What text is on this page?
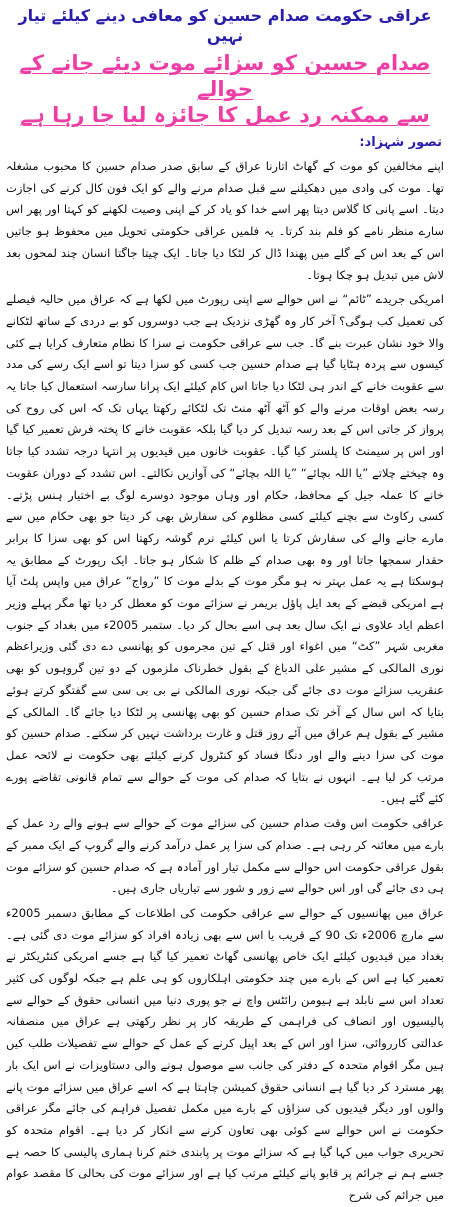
عراقی حکومت صدام حسین کو معافی دینے کیلئے تیار نہیں
صدام حسین کو سزائے موت دیئے جانے کے حوالے
سے ممکنہ رد عمل کا جائزہ لیا جا رہا ہے
تصور شہزاد:

اپنے مخالفین کو موت کے گھاٹ اتارنا عراق کے سابق صدر صدام حسین کا محبوب مشغلہ تھا۔ موت کی وادی میں دھکیلنے سے قبل صدام مرنے والے کو ایک فون کال کرنے کی اجازت دیتا۔ اسے پانی کا گلاس دیتا پھر اسے خدا کو یاد کر کے اپنی وصیت لکھنے کو کہتا اور پھر اس سارے منظر نامے کو فلم بند کرتا۔ یہ فلمیں عراقی حکومتی تحویل میں محفوظ ہو جاتیں اس کے بعد اس کے گلے میں پھندا ڈال کر لٹکا دیا جاتا۔ ایک چیتا جاگتا انسان چند لمحوں بعد لاش میں تبدیل ہو چکا ہوتا۔

امریکی جریدے ”ٹائم“ نے اس حوالے سے اپنی رپورٹ میں لکھا ہے کہ عراق میں حالیہ فیصلے کی تعمیل کب ہوگی؟ آخر کار وہ گھڑی نزدیک ہے جب دوسروں کو بے دردی کے ساتھ لٹکانے والا خود نشان عبرت بنے گا۔ جب سے عراقی حکومت نے سزا کا نظام متعارف کرایا ہے کئی کیسوں سے پردہ ہٹایا گیا ہے صدام حسین جب کسی کو سزا دیتا تو اسے ایک رسے کی مدد سے عقوبت خانے کے اندر ہی لٹکا دیا جاتا اس کام کیلئے ایک پرانا سارسہ استعمال کیا جاتا یہ رسہ بعض اوقات مرنے والے کو آٹھ آٹھ منٹ تک لٹکائے رکھتا یہاں تک کہ اس کی روح کی پرواز کر جاتی اس کے بعد رسہ تبدیل کر دیا گیا بلکہ عقوبت خانے کا پختہ فرش تعمیر کیا گیا اور اس پر سیمنٹ کا پلستر کیا گیا۔ عقوبت خانوں میں قیدیوں پر انتہا درجہ تشدد کیا جاتا وہ چیختے چلاتے ”یا اللہ بچائے“ ”یا اللہ بچائے“ کی آوازیں نکالتے۔ اس تشدد کے دوران عقوبت خانے کا عملہ جیل کے محافظ، حکام اور وہاں موجود دوسرے لوگ بے اختیار ہنس پڑتے۔ کسی رکاوٹ سے بچنے کیلئے کسی مظلوم کی سفارش بھی کر دیتا جو بھی حکام میں سے مارے جانے والے کی سفارش کرتا یا اس کیلئے نرم گوشہ رکھتا اس کو بھی سزا کا برابر حقدار سمجھا جاتا اور وہ بھی صدام کے ظلم کا شکار ہو جاتا۔ ایک رپورٹ کے مطابق یہ ہوسکتا ہے یہ عمل بہتر نہ ہو مگر موت کے بدلے موت کا ”رواج“ عراق میں واپس پلٹ آیا ہے امریکی قبضے کے بعد ایل پاؤل بریمر نے سزائے موت کو معطل کر دیا تھا مگر پہلے وزیر اعظم ایاد علاوی نے ایک سال بعد ہی اسے بحال کر دیا۔ ستمبر 2005ء میں بغداد کے جنوب مغربی شہر ”کٹ“ میں اغواء اور قتل کے تین مجرموں کو پھانسی دے دی گئی وزیراعظم نوری المالکی کے مشیر علی الدباغ کے بقول خطرناک ملزموں کے دو تین گروہوں کو بھی عنقریب سزائے موت دی جائے گی جبکہ نوری المالکی نے بی بی سی سے گفتگو کرتے ہوئے بتایا کہ اس سال کے آخر تک صدام حسین کو بھی پھانسی پر لٹکا دیا جائے گا۔ المالکی کے مشیر کے بقول ہم عراق میں آئے روز قتل و غارت برداشت نہیں کر سکتے۔ صدام حسین کو موت کی سزا دینے والے اور دنگا فساد کو کنٹرول کرنے کیلئے بھی حکومت نے لائحہ عمل مرتب کر لیا ہے۔ انہوں نے بتایا کہ صدام کی موت کے حوالے سے تمام قانونی تقاضے پورے کئے گئے ہیں۔

عراقی حکومت اس وقت صدام حسین کی سزائے موت کے حوالے سے ہونے والے رد عمل کے بارے میں معائنہ کر رہی ہے۔ صدام کی سزا پر عمل درآمد کرنے والے گروپ کے ایک ممبر کے بقول عراقی حکومت اس حوالے سے مکمل تیار اور آمادہ ہے کہ صدام حسین کو سزائے موت ہی دی جائے گی اور اس حوالے سے زور و شور سے تیاریاں جاری ہیں۔

عراق میں پھانسیوں کے حوالے سے عراقی حکومت کی اطلاعات کے مطابق دسمبر 2005ء سے مارچ 2006ء تک 90 کے قریب یا اس سے بھی زیادہ افراد کو سزائے موت دی گئی ہے۔ بغداد میں قیدیوں کیلئے ایک خاص پھانسی گھاٹ تعمیر کیا گیا ہے جسے امریکی کنٹریکٹر نے تعمیر کیا ہے اس کے بارے میں چند حکومتی اہلکاروں کو ہی علم ہے جبکہ لوگوں کی کثیر تعداد اس سے نابلد ہے ہیومن رائٹس واچ نے جو پوری دنیا میں انسانی حقوق کے حوالے سے پالیسیوں اور انصاف کی فراہمی کے طریقہ کار پر نظر رکھتی ہے عراق میں منصفانہ عدالتی کارروائی، سزا اور اس کے بعد اپیل کرنے کے عمل کے حوالے سے تفصیلات طلب کیں ہیں مگر اقوام متحدہ کے دفتر کی جانب سے موصول ہونے والی دستاویزات نے اس ایک بار پھر مسترد کر دیا گیا ہے انسانی حقوق کمیشن چاہتا ہے کہ اسے عراق میں سزائے موت پانے والوں اور دیگر قیدیوں کی سزاؤں کے بارے میں مکمل تفصیل فراہم کی جائے مگر عراقی حکومت نے اس حوالے سے کوئی بھی تعاون کرنے سے انکار کر دیا ہے۔ اقوام متحدہ کو تحریری جواب میں کہا گیا ہے کہ سزائے موت پر پابندی ختم کرنا ہماری پالیسی کا حصہ ہے جسے ہم نے جرائم پر قابو پانے کیلئے مرتب کیا ہے اور سزائے موت کی بحالی کا مقصد عوام میں جرائم کی شرح
